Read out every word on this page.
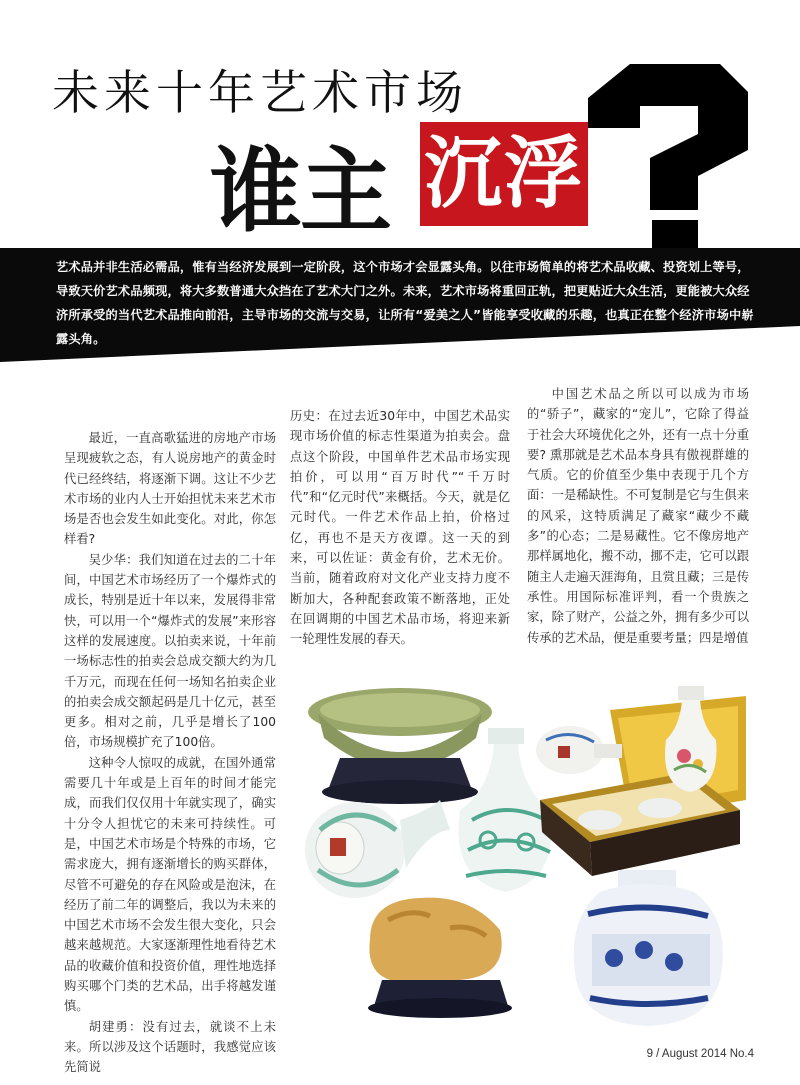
未来十年艺术市场
谁主 沉浮
艺术品并非生活必需品，惟有当经济发展到一定阶段，这个市场才会显露头角。以往市场简单的将艺术品收藏、投资划上等号，导致天价艺术品频现，将大多数普通大众挡在了艺术大门之外。未来，艺术市场将重回正轨，把更贴近大众生活，更能被大众经济所承受的当代艺术品推向前沿，主导市场的交流与交易，让所有“爱美之人”皆能享受收藏的乐趣，也真正在整个经济市场中崭露头角。

最近，一直高歌猛进的房地产市场呈现疲软之态，有人说房地产的黄金时代已经终结，将逐渐下调。这让不少艺术市场的业内人士开始担忧未来艺术市场是否也会发生如此变化。对此，你怎样看?

吴少华：我们知道在过去的二十年间，中国艺术市场经历了一个爆炸式的成长，特别是近十年以来，发展得非常快，可以用一个“爆炸式的发展”来形容这样的发展速度。以拍卖来说，十年前一场标志性的拍卖会总成交额大约为几千万元，而现在任何一场知名拍卖企业的拍卖会成交额起码是几十亿元，甚至更多。相对之前，几乎是增长了100倍，市场规模扩充了100倍。

这种令人惊叹的成就，在国外通常需要几十年或是上百年的时间才能完成，而我们仅仅用十年就实现了，确实十分令人担忧它的未来可持续性。可是，中国艺术市场是个特殊的市场，它需求庞大，拥有逐渐增长的购买群体，尽管不可避免的存在风险或是泡沫，在经历了前二年的调整后，我以为未来的中国艺术市场不会发生很大变化，只会越来越规范。大家逐渐理性地看待艺术品的收藏价值和投资价值，理性地选择购买哪个门类的艺术品，出手将越发谨慎。

胡建勇：没有过去，就谈不上未来。所以涉及这个话题时，我感觉应该先简说

历史：在过去近30年中，中国艺术品实现市场价值的标志性渠道为拍卖会。盘点这个阶段，中国单件艺术品市场实现拍价，可以用“百万时代”“千万时代”和“亿元时代”来概括。今天，就是亿元时代。一件艺术作品上拍，价格过亿，再也不是天方夜谭。这一天的到来，可以佐证：黄金有价，艺术无价。当前，随着政府对文化产业支持力度不断加大，各种配套政策不断落地，正处在回调期的中国艺术品市场，将迎来新一轮理性发展的春天。

中国艺术品之所以可以成为市场的“骄子”，藏家的“宠儿”，它除了得益于社会大环境优化之外，还有一点十分重要? 熏那就是艺术品本身具有傲视群雄的气质。它的价值至少集中表现于几个方面：一是稀缺性。不可复制是它与生俱来的风采，这特质满足了藏家“藏少不藏多”的心态；二是易藏性。它不像房地产那样属地化，搬不动，挪不走，它可以跟随主人走遍天涯海角，且赏且藏；三是传承性。用国际标准评判，看一个贵族之家，除了财产，公益之外，拥有多少可以传承的艺术品，便是重要考量；四是增值

9 / August 2014 No.4
